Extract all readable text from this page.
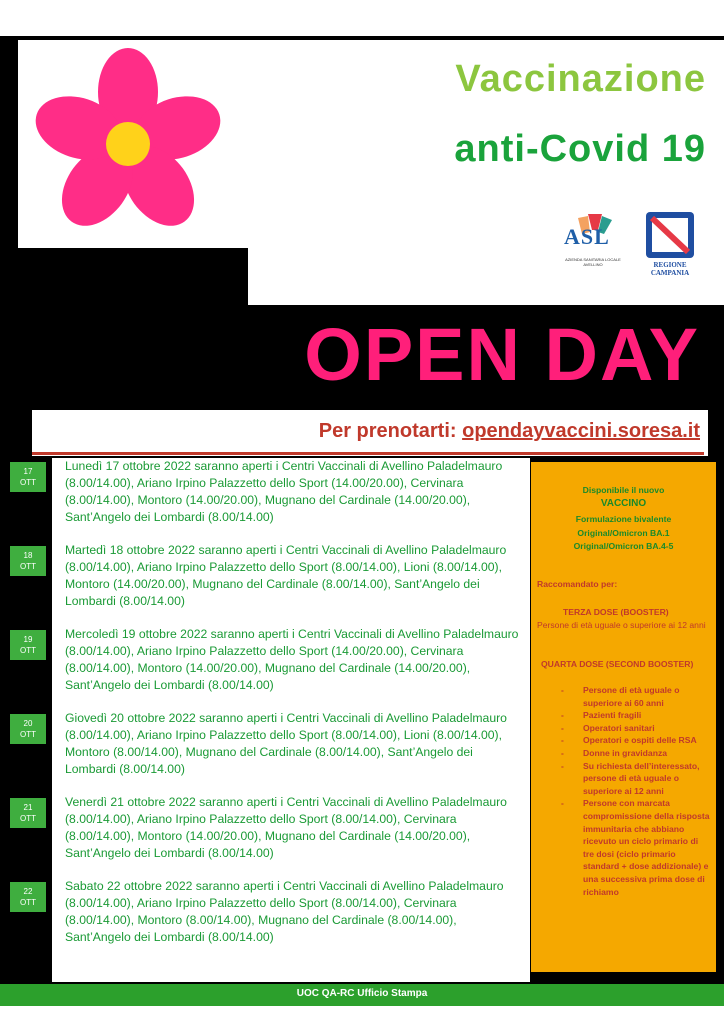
Vaccinazione
anti-Covid 19
ASL
AZIENDA SANITARIA LOCALE AVELLINO	REGIONE CAMPANIA
OPEN DAY
Per prenotarti: opendayvaccini.soresa.it
17
OTT
Lunedì 17 ottobre 2022 saranno aperti i Centri Vaccinali di Avellino Paladelmauro (8.00/14.00), Ariano Irpino Palazzetto dello Sport (14.00/20.00), Cervinara (8.00/14.00), Montoro (14.00/20.00), Mugnano del Cardinale (14.00/20.00), Sant’Angelo dei Lombardi (8.00/14.00)
18
OTT
Martedì 18 ottobre 2022 saranno aperti i Centri Vaccinali di Avellino Paladelmauro (8.00/14.00), Ariano Irpino Palazzetto dello Sport (8.00/14.00), Lioni (8.00/14.00), Montoro (14.00/20.00), Mugnano del Cardinale (8.00/14.00), Sant’Angelo dei Lombardi (8.00/14.00)
19
OTT
Mercoledì 19 ottobre 2022 saranno aperti i Centri Vaccinali di Avellino Paladelmauro (8.00/14.00), Ariano Irpino Palazzetto dello Sport (14.00/20.00), Cervinara (8.00/14.00), Montoro (14.00/20.00), Mugnano del Cardinale (14.00/20.00), Sant’Angelo dei Lombardi (8.00/14.00)
20
OTT
Giovedì 20 ottobre 2022 saranno aperti i Centri Vaccinali di Avellino Paladelmauro (8.00/14.00), Ariano Irpino Palazzetto dello Sport (8.00/14.00), Lioni (8.00/14.00), Montoro (8.00/14.00), Mugnano del Cardinale (8.00/14.00), Sant’Angelo dei Lombardi (8.00/14.00)
21
OTT
Venerdì 21 ottobre 2022 saranno aperti i Centri Vaccinali di Avellino Paladelmauro (8.00/14.00), Ariano Irpino Palazzetto dello Sport (8.00/14.00), Cervinara (8.00/14.00), Montoro (14.00/20.00), Mugnano del Cardinale (14.00/20.00), Sant’Angelo dei Lombardi (8.00/14.00)
22
OTT
Sabato 22 ottobre 2022 saranno aperti i Centri Vaccinali di Avellino Paladelmauro (8.00/14.00), Ariano Irpino Palazzetto dello Sport (8.00/14.00), Cervinara (8.00/14.00), Montoro (8.00/14.00), Mugnano del Cardinale (8.00/14.00), Sant’Angelo dei Lombardi (8.00/14.00)
Disponibile il nuovo
VACCINO
Formulazione bivalente
Original/Omicron BA.1
Original/Omicron BA.4-5
Raccomandato per:
TERZA DOSE (BOOSTER)
Persone di età uguale o superiore ai 12 anni
QUARTA DOSE (SECOND BOOSTER)
- Persone di età uguale o superiore ai 60 anni
- Pazienti fragili
- Operatori sanitari
- Operatori e ospiti delle RSA
- Donne in gravidanza
- Su richiesta dell’interessato, persone di età uguale o superiore ai 12 anni
- Persone con marcata compromissione della risposta immunitaria che abbiano ricevuto un ciclo primario di tre dosi (ciclo primario standard + dose addizionale) e una successiva prima dose di richiamo
UOC QA-RC Ufficio Stampa
